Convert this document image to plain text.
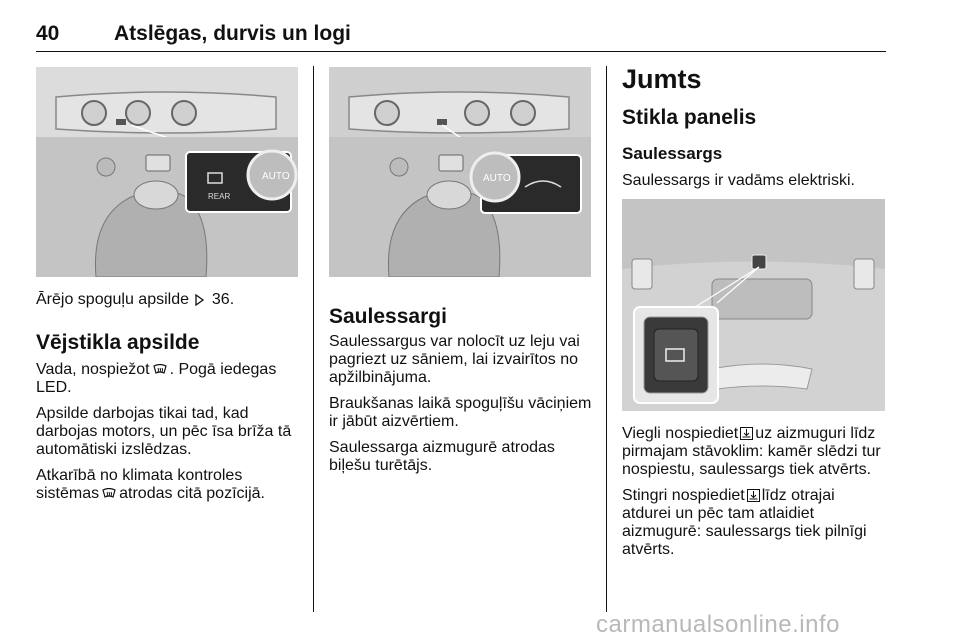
40	Atslēgas, durvis un logi
AUTO
REAR
Ārējo spoguļu apsilde 36.
Vējstikla apsilde

Vada, nospiežot . Pogā iedegas
LED.

Apsilde darbojas tikai tad, kad
darbojas motors, un pēc īsa brīža tā
automātiski izslēdzas.

Atkarībā no klimata kontroles
sistēmas atrodas citā pozīcijā.

AUTO
Saulessargi

Saulessargus var nolocīt uz leju vai
pagriezt uz sāniem, lai izvairītos no
apžilbinājuma.

Braukšanas laikā spoguļīšu vāciņiem
ir jābūt aizvērtiem.

Saulessarga aizmugurē atrodas
biļešu turētājs.

Jumts
Stikla panelis
Saulessargs
Saulessargs ir vadāms elektriski.

Viegli nospiediet uz aizmuguri līdz
pirmajam stāvoklim: kamēr slēdzi tur
nospiestu, saulessargs tiek atvērts.

Stingri nospiediet līdz otrajai
atdurei un pēc tam atlaidiet
aizmugurē: saulessargs tiek pilnīgi
atvērts.

carmanualsonline.info
